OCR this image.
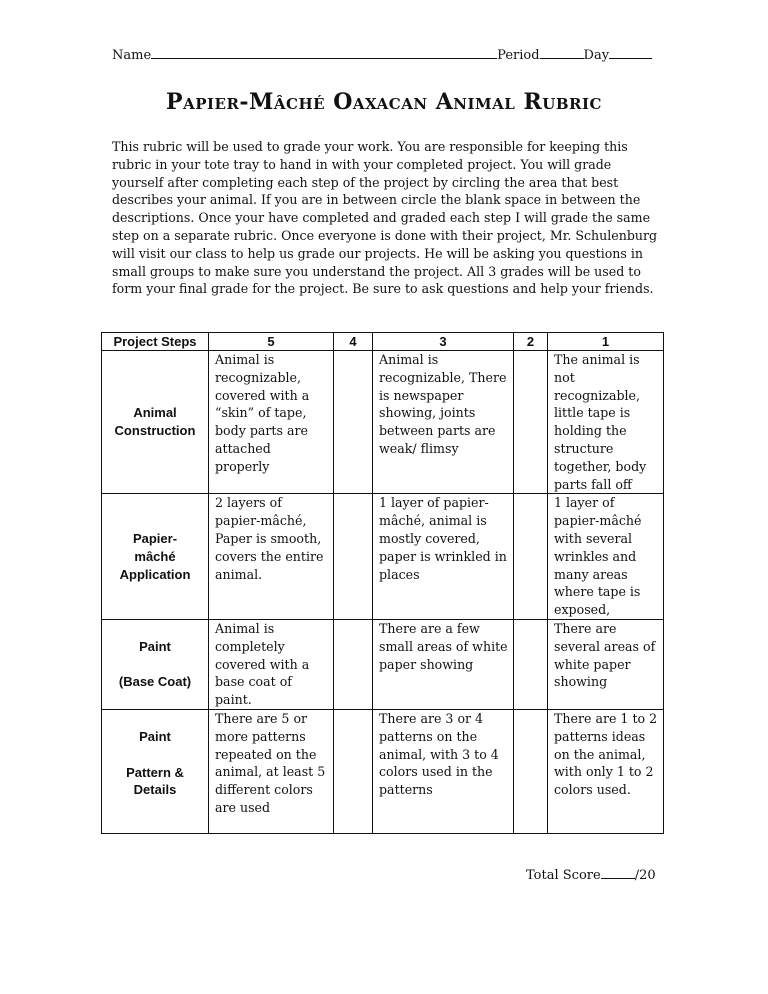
Name	Period	Day
Papier-Mâché Oaxacan Animal Rubric
This rubric will be used to grade your work. You are responsible for keeping this rubric in your tote tray to hand in with your completed project. You will grade yourself after completing each step of the project by circling the area that best describes your animal. If you are in between circle the blank space in between the descriptions. Once your have completed and graded each step I will grade the same step on a separate rubric. Once everyone is done with their project, Mr. Schulenburg will visit our class to help us grade our projects. He will be asking you questions in small groups to make sure you understand the project. All 3 grades will be used to form your final grade for the project. Be sure to ask questions and help your friends.
Project Steps	5	4	3	2	1

Animal
Construction	Animal is recognizable, covered with a “skin” of tape, body parts are attached properly		Animal is recognizable, There is newspaper showing, joints between parts are weak/ flimsy		The animal is not recognizable, little tape is holding the structure together, body parts fall off

Papier-
mâché
Application	2 layers of papier-mâché, Paper is smooth, covers the entire animal.		1 layer of papier-mâché, animal is mostly covered, paper is wrinkled in places		1 layer of papier-mâché with several wrinkles and many areas where tape is exposed,

Paint
(Base Coat)	Animal is completely covered with a base coat of paint.		There are a few small areas of white paper showing		There are several areas of white paper showing

Paint
Pattern &
Details	There are 5 or more patterns repeated on the animal, at least 5 different colors are used		There are 3 or 4 patterns on the animal, with 3 to 4 colors used in the patterns		There are 1 to 2 patterns ideas on the animal, with only 1 to 2 colors used.
Total Score	/20
